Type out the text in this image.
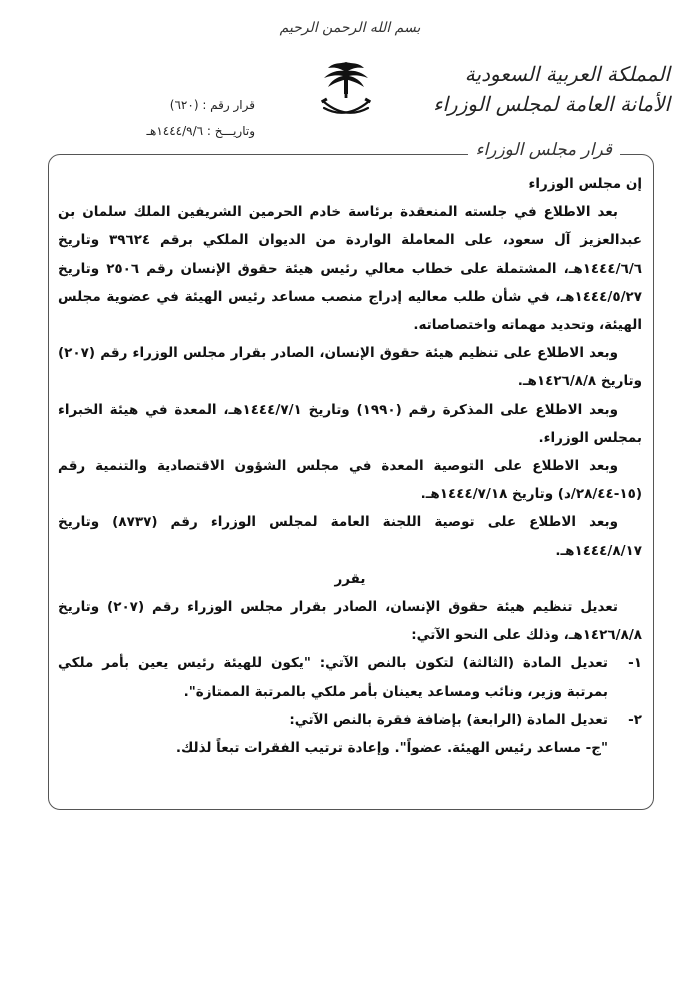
بسم الله الرحمن الرحيم
المملكة العربية السعودية
الأمانة العامة لمجلس الوزراء
قرار رقم : (٦٢٠)
وتاريـــخ : ١٤٤٤/٩/٦هـ
قرار مجلس الوزراء

إن مجلس الوزراء

بعد الاطلاع في جلسته المنعقدة برئاسة خادم الحرمين الشريفين الملك سلمان بن عبدالعزيز آل سعود، على المعاملة الواردة من الديوان الملكي برقم ٣٩٦٢٤ وتاريخ ١٤٤٤/٦/٦هـ، المشتملة على خطاب معالي رئيس هيئة حقوق الإنسان رقم ٢٥٠٦ وتاريخ ١٤٤٤/٥/٢٧هـ، في شأن طلب معاليه إدراج منصب مساعد رئيس الهيئة في عضوية مجلس الهيئة، وتحديد مهماته واختصاصاته.

وبعد الاطلاع على تنظيم هيئة حقوق الإنسان، الصادر بقرار مجلس الوزراء رقم (٢٠٧) وتاريخ ١٤٢٦/٨/٨هـ.

وبعد الاطلاع على المذكرة رقم (١٩٩٠) وتاريخ ١٤٤٤/٧/١هـ، المعدة في هيئة الخبراء بمجلس الوزراء.

وبعد الاطلاع على التوصية المعدة في مجلس الشؤون الاقتصادية والتنمية رقم (١٥-٢٨/٤٤/د) وتاريخ ١٤٤٤/٧/١٨هـ.

وبعد الاطلاع على توصية اللجنة العامة لمجلس الوزراء رقم (٨٧٣٧) وتاريخ ١٤٤٤/٨/١٧هـ.

يقرر

تعديل تنظيم هيئة حقوق الإنسان، الصادر بقرار مجلس الوزراء رقم (٢٠٧) وتاريخ ١٤٢٦/٨/٨هـ، وذلك على النحو الآتي:

١-
تعديل المادة (الثالثة) لتكون بالنص الآتي: "يكون للهيئة رئيس يعين بأمر ملكي بمرتبة وزير، ونائب ومساعد يعينان بأمر ملكي بالمرتبة الممتازة".
٢-
تعديل المادة (الرابعة) بإضافة فقرة بالنص الآتي:

"ج- مساعد رئيس الهيئة. عضواً". وإعادة ترتيب الفقرات تبعاً لذلك.
